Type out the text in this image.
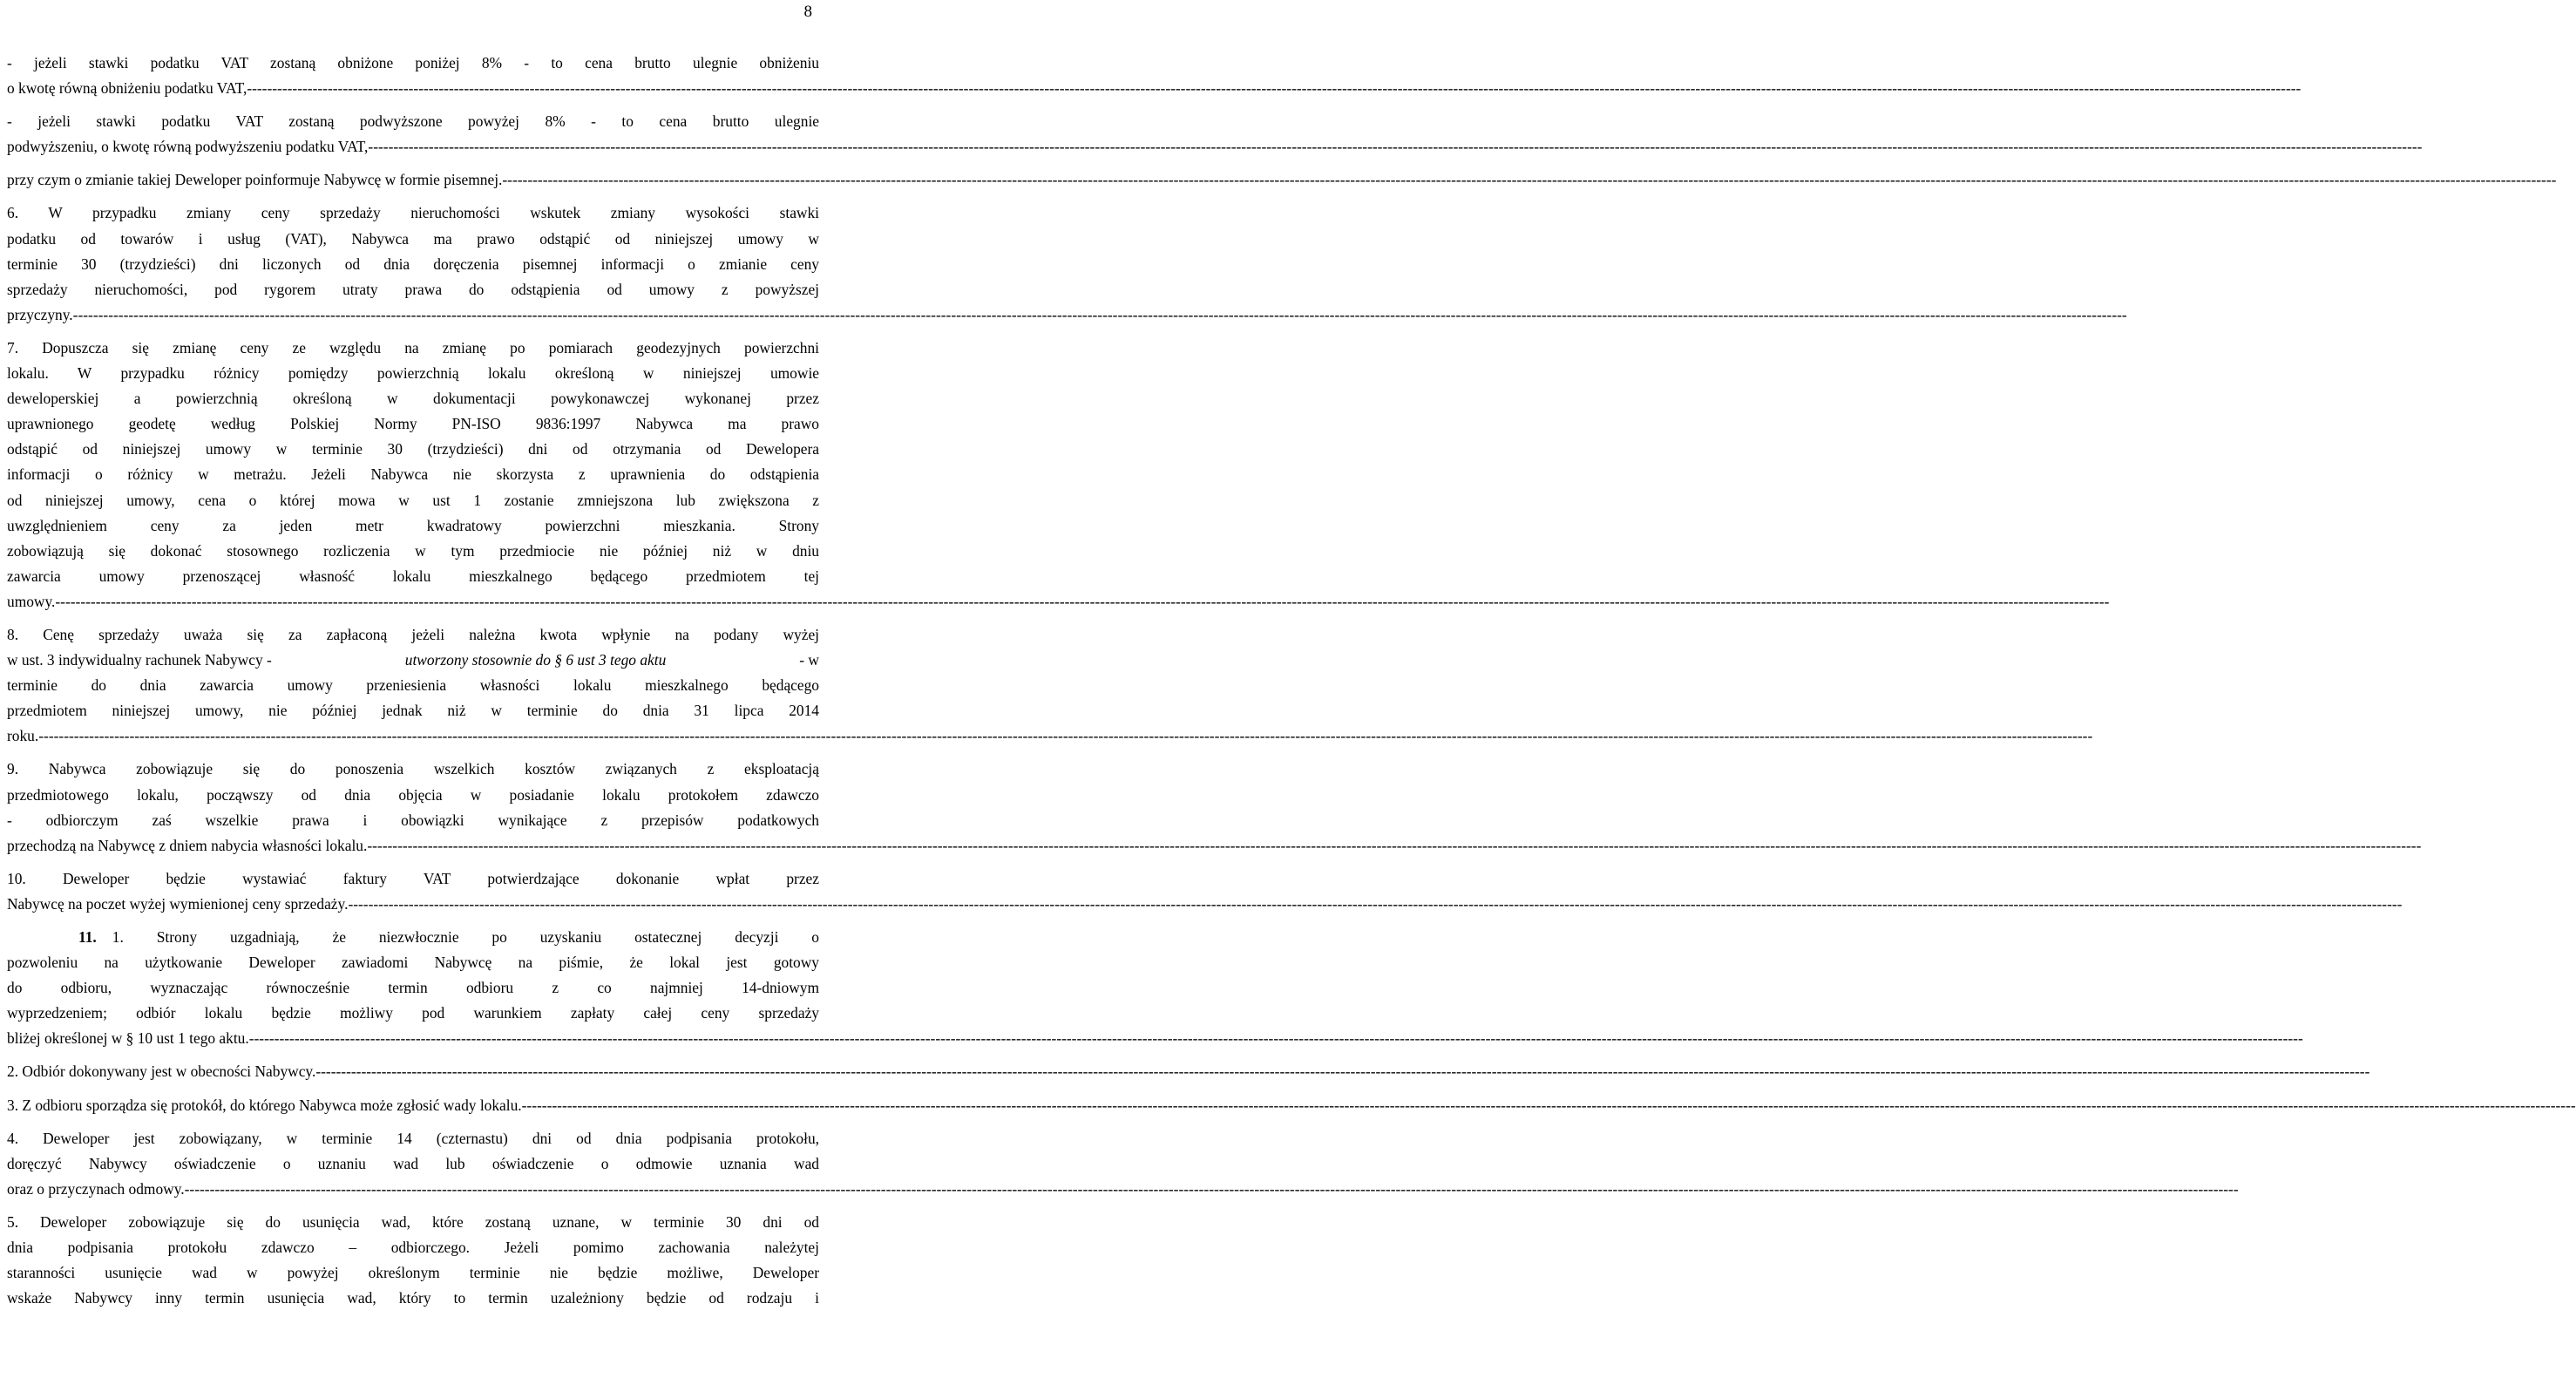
8
- jeżeli stawki podatku VAT zostaną obniżone poniżej 8% - to cena brutto ulegnie obniżeniu
o kwotę równą obniżeniu podatku VAT, ---------------------------------------------------------------------------------------------------------------------------------------------------------------------------------------------------------------------------- -----
- jeżeli stawki podatku VAT zostaną podwyższone powyżej 8% - to cena brutto ulegnie
podwyższeniu, o kwotę równą podwyższeniu podatku VAT, ---------------------------------------------------------------------------------------------------------------------------------------------------------------------------------------------------------------------------- -----
przy czym o zmianie takiej Deweloper poinformuje Nabywcę w formie pisemnej. ---------------------------------------------------------------------------------------------------------------------------------------------------------------------------------------------------------------------------- -----
6. W przypadku zmiany ceny sprzedaży nieruchomości wskutek zmiany wysokości stawki
podatku od towarów i usług (VAT), Nabywca ma prawo odstąpić od niniejszej umowy w
terminie 30 (trzydzieści) dni liczonych od dnia doręczenia pisemnej informacji o zmianie ceny
sprzedaży nieruchomości, pod rygorem utraty prawa do odstąpienia od umowy z powyższej
przyczyny. ---------------------------------------------------------------------------------------------------------------------------------------------------------------------------------------------------------------------------- -----
7. Dopuszcza się zmianę ceny ze względu na zmianę po pomiarach geodezyjnych powierzchni
lokalu. W przypadku różnicy pomiędzy powierzchnią lokalu określoną w niniejszej umowie
deweloperskiej a powierzchnią określoną w dokumentacji powykonawczej wykonanej przez
uprawnionego geodetę według Polskiej Normy PN-ISO 9836:1997 Nabywca ma prawo
odstąpić od niniejszej umowy w terminie 30 (trzydzieści) dni od otrzymania od Dewelopera
informacji o różnicy w metrażu. Jeżeli Nabywca nie skorzysta z uprawnienia do odstąpienia
od niniejszej umowy, cena o której mowa w ust 1 zostanie zmniejszona lub zwiększona z
uwzględnieniem ceny za jeden metr kwadratowy powierzchni mieszkania. Strony
zobowiązują się dokonać stosownego rozliczenia w tym przedmiocie nie później niż w dniu
zawarcia umowy przenoszącej własność lokalu mieszkalnego będącego przedmiotem tej
umowy. ---------------------------------------------------------------------------------------------------------------------------------------------------------------------------------------------------------------------------- -----
8. Cenę sprzedaży uważa się za zapłaconą jeżeli należna kwota wpłynie na podany wyżej
w ust. 3 indywidualny rachunek Nabywcy -
	utworzony stosownie do § 6 ust 3 tego aktu
	- w
terminie do dnia zawarcia umowy przeniesienia własności lokalu mieszkalnego będącego
przedmiotem niniejszej umowy, nie później jednak niż w terminie do dnia 31 lipca 2014
roku. ---------------------------------------------------------------------------------------------------------------------------------------------------------------------------------------------------------------------------- -----
9. Nabywca zobowiązuje się do ponoszenia wszelkich kosztów związanych z eksploatacją
przedmiotowego lokalu, począwszy od dnia objęcia w posiadanie lokalu protokołem zdawczo
- odbiorczym zaś wszelkie prawa i obowiązki wynikające z przepisów podatkowych
przechodzą na Nabywcę z dniem nabycia własności lokalu. ---------------------------------------------------------------------------------------------------------------------------------------------------------------------------------------------------------------------------- -----
10. Deweloper będzie wystawiać faktury VAT potwierdzające dokonanie wpłat przez
Nabywcę na poczet wyżej wymienionej ceny sprzedaży. ---------------------------------------------------------------------------------------------------------------------------------------------------------------------------------------------------------------------------- -----
11.	1. Strony uzgadniają, że niezwłocznie po uzyskaniu ostatecznej decyzji o
pozwoleniu na użytkowanie Deweloper zawiadomi Nabywcę na piśmie, że lokal jest gotowy
do odbioru, wyznaczając równocześnie termin odbioru z co najmniej 14-dniowym
wyprzedzeniem; odbiór lokalu będzie możliwy pod warunkiem zapłaty całej ceny sprzedaży
bliżej określonej w § 10 ust 1 tego aktu. ---------------------------------------------------------------------------------------------------------------------------------------------------------------------------------------------------------------------------- -----
2. Odbiór dokonywany jest w obecności Nabywcy. ---------------------------------------------------------------------------------------------------------------------------------------------------------------------------------------------------------------------------- -----
3. Z odbioru sporządza się protokół, do którego Nabywca może zgłosić wady lokalu. ---------------------------------------------------------------------------------------------------------------------------------------------------------------------------------------------------------------------------- -----
4. Deweloper jest zobowiązany, w terminie 14 (czternastu) dni od dnia podpisania protokołu,
doręczyć Nabywcy oświadczenie o uznaniu wad lub oświadczenie o odmowie uznania wad
oraz o przyczynach odmowy. ---------------------------------------------------------------------------------------------------------------------------------------------------------------------------------------------------------------------------- -----
5. Deweloper zobowiązuje się do usunięcia wad, które zostaną uznane, w terminie 30 dni od
dnia podpisania protokołu zdawczo – odbiorczego. Jeżeli pomimo zachowania należytej
staranności usunięcie wad w powyżej określonym terminie nie będzie możliwe, Deweloper
wskaże Nabywcy inny termin usunięcia wad, który to termin uzależniony będzie od rodzaju i
